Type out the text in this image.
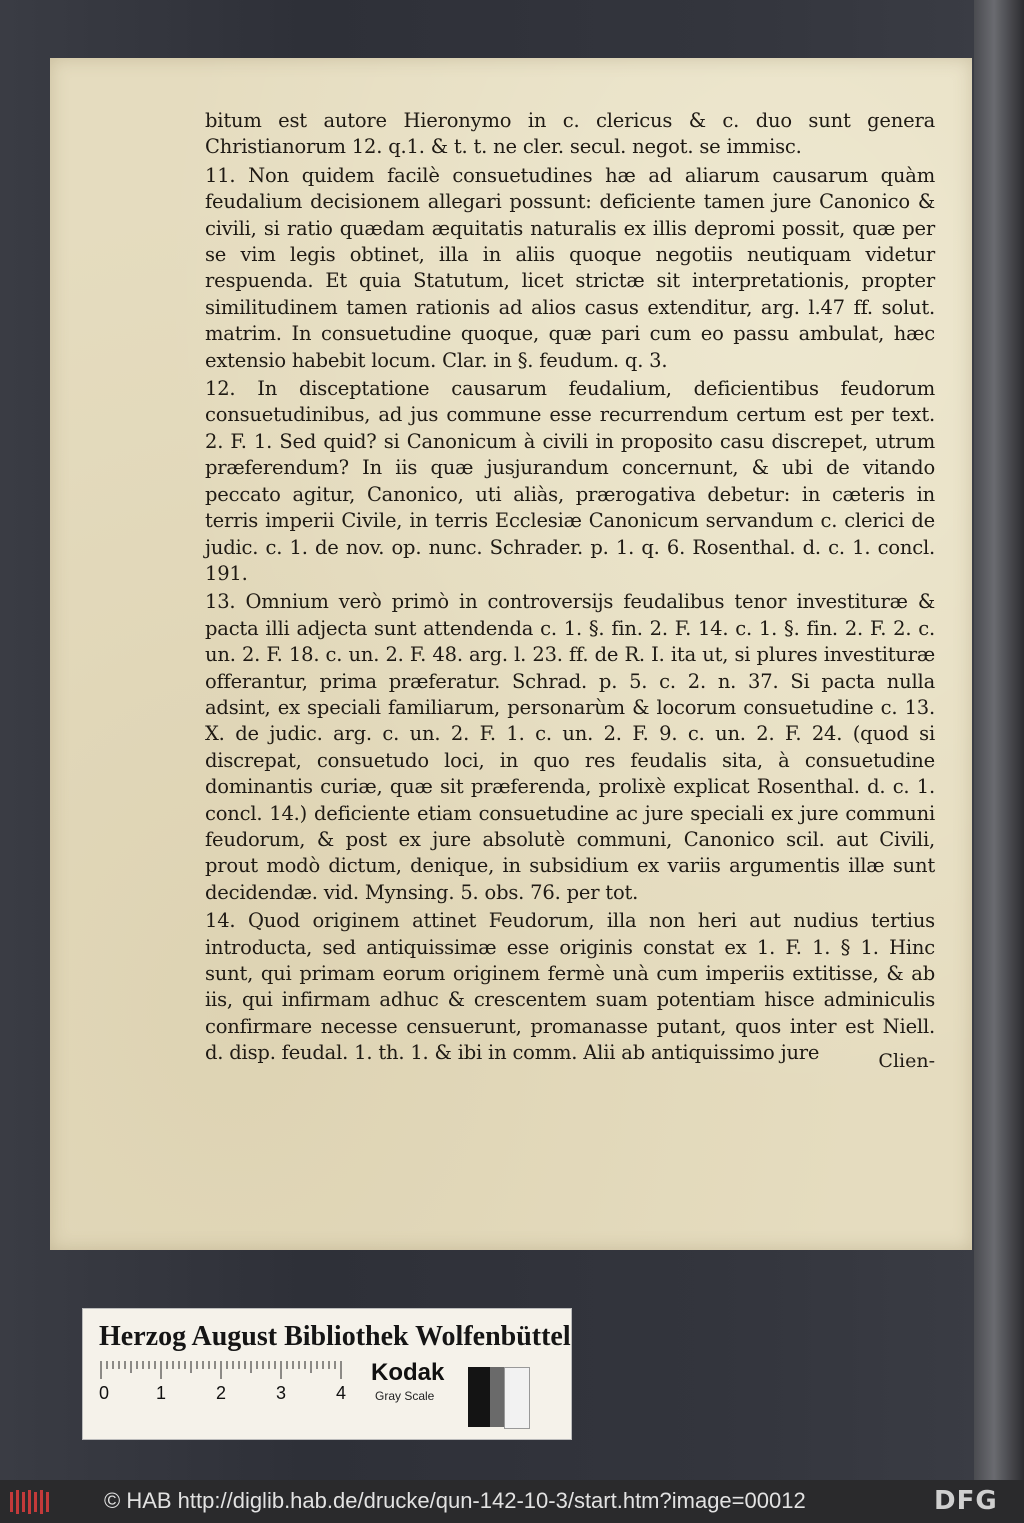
bitum est autore Hieronymo in c. clericus & c. duo sunt genera Christianorum 12. q.1. & t. t. ne cler. secul. negot. se immisc.

11. Non quidem facilè consuetudines hæ ad aliarum causarum quàm feudalium decisionem allegari possunt: deficiente tamen jure Canonico & civili, si ratio quædam æquitatis naturalis ex illis depromi possit, quæ per se vim legis obtinet, illa in aliis quoque negotiis neutiquam videtur respuenda. Et quia Statutum, licet strictæ sit interpretationis, propter similitudinem tamen rationis ad alios casus extenditur, arg. l.47 ff. solut. matrim. In consuetudine quoque, quæ pari cum eo passu ambulat, hæc extensio habebit locum. Clar. in §. feudum. q. 3.

12. In disceptatione causarum feudalium, deficientibus feudorum consuetudinibus, ad jus commune esse recurrendum certum est per text. 2. F. 1. Sed quid? si Canonicum à civili in proposito casu discrepet, utrum præferendum? In iis quæ jusjurandum concernunt, & ubi de vitando peccato agitur, Canonico, uti aliàs, prærogativa debetur: in cæteris in terris imperii Civile, in terris Ecclesiæ Canonicum servandum c. clerici de judic. c. 1. de nov. op. nunc. Schrader. p. 1. q. 6. Rosenthal. d. c. 1. concl. 191.

13. Omnium verò primò in controversijs feudalibus tenor investituræ & pacta illi adjecta sunt attendenda c. 1. §. fin. 2. F. 14. c. 1. §. fin. 2. F. 2. c. un. 2. F. 18. c. un. 2. F. 48. arg. l. 23. ff. de R. I. ita ut, si plures investituræ offerantur, prima præferatur. Schrad. p. 5. c. 2. n. 37. Si pacta nulla adsint, ex speciali familiarum, personarùm & locorum consuetudine c. 13. X. de judic. arg. c. un. 2. F. 1. c. un. 2. F. 9. c. un. 2. F. 24. (quod si discrepat, consuetudo loci, in quo res feudalis sita, à consuetudine dominantis curiæ, quæ sit præferenda, prolixè explicat Rosenthal. d. c. 1. concl. 14.) deficiente etiam consuetudine ac jure speciali ex jure communi feudorum, & post ex jure absolutè communi, Canonico scil. aut Civili, prout modò dictum, denique, in subsidium ex variis argumentis illæ sunt decidendæ. vid. Mynsing. 5. obs. 76. per tot.

14. Quod originem attinet Feudorum, illa non heri aut nudius tertius introducta, sed antiquissimæ esse originis constat ex 1. F. 1. § 1. Hinc sunt, qui primam eorum originem fermè unà cum imperiis extitisse, & ab iis, qui infirmam adhuc & crescentem suam potentiam hisce adminiculis confirmare necesse censuerunt, promanasse putant, quos inter est Niell. d. disp. feudal. 1. th. 1. & ibi in comm. Alii ab antiquissimo jure	Clien-
Herzog August Bibliothek Wolfenbüttel
0	1	2	3	4
Kodak
Gray Scale
© HAB http://diglib.hab.de/drucke/qun-142-10-3/start.htm?image=00012	DFG
